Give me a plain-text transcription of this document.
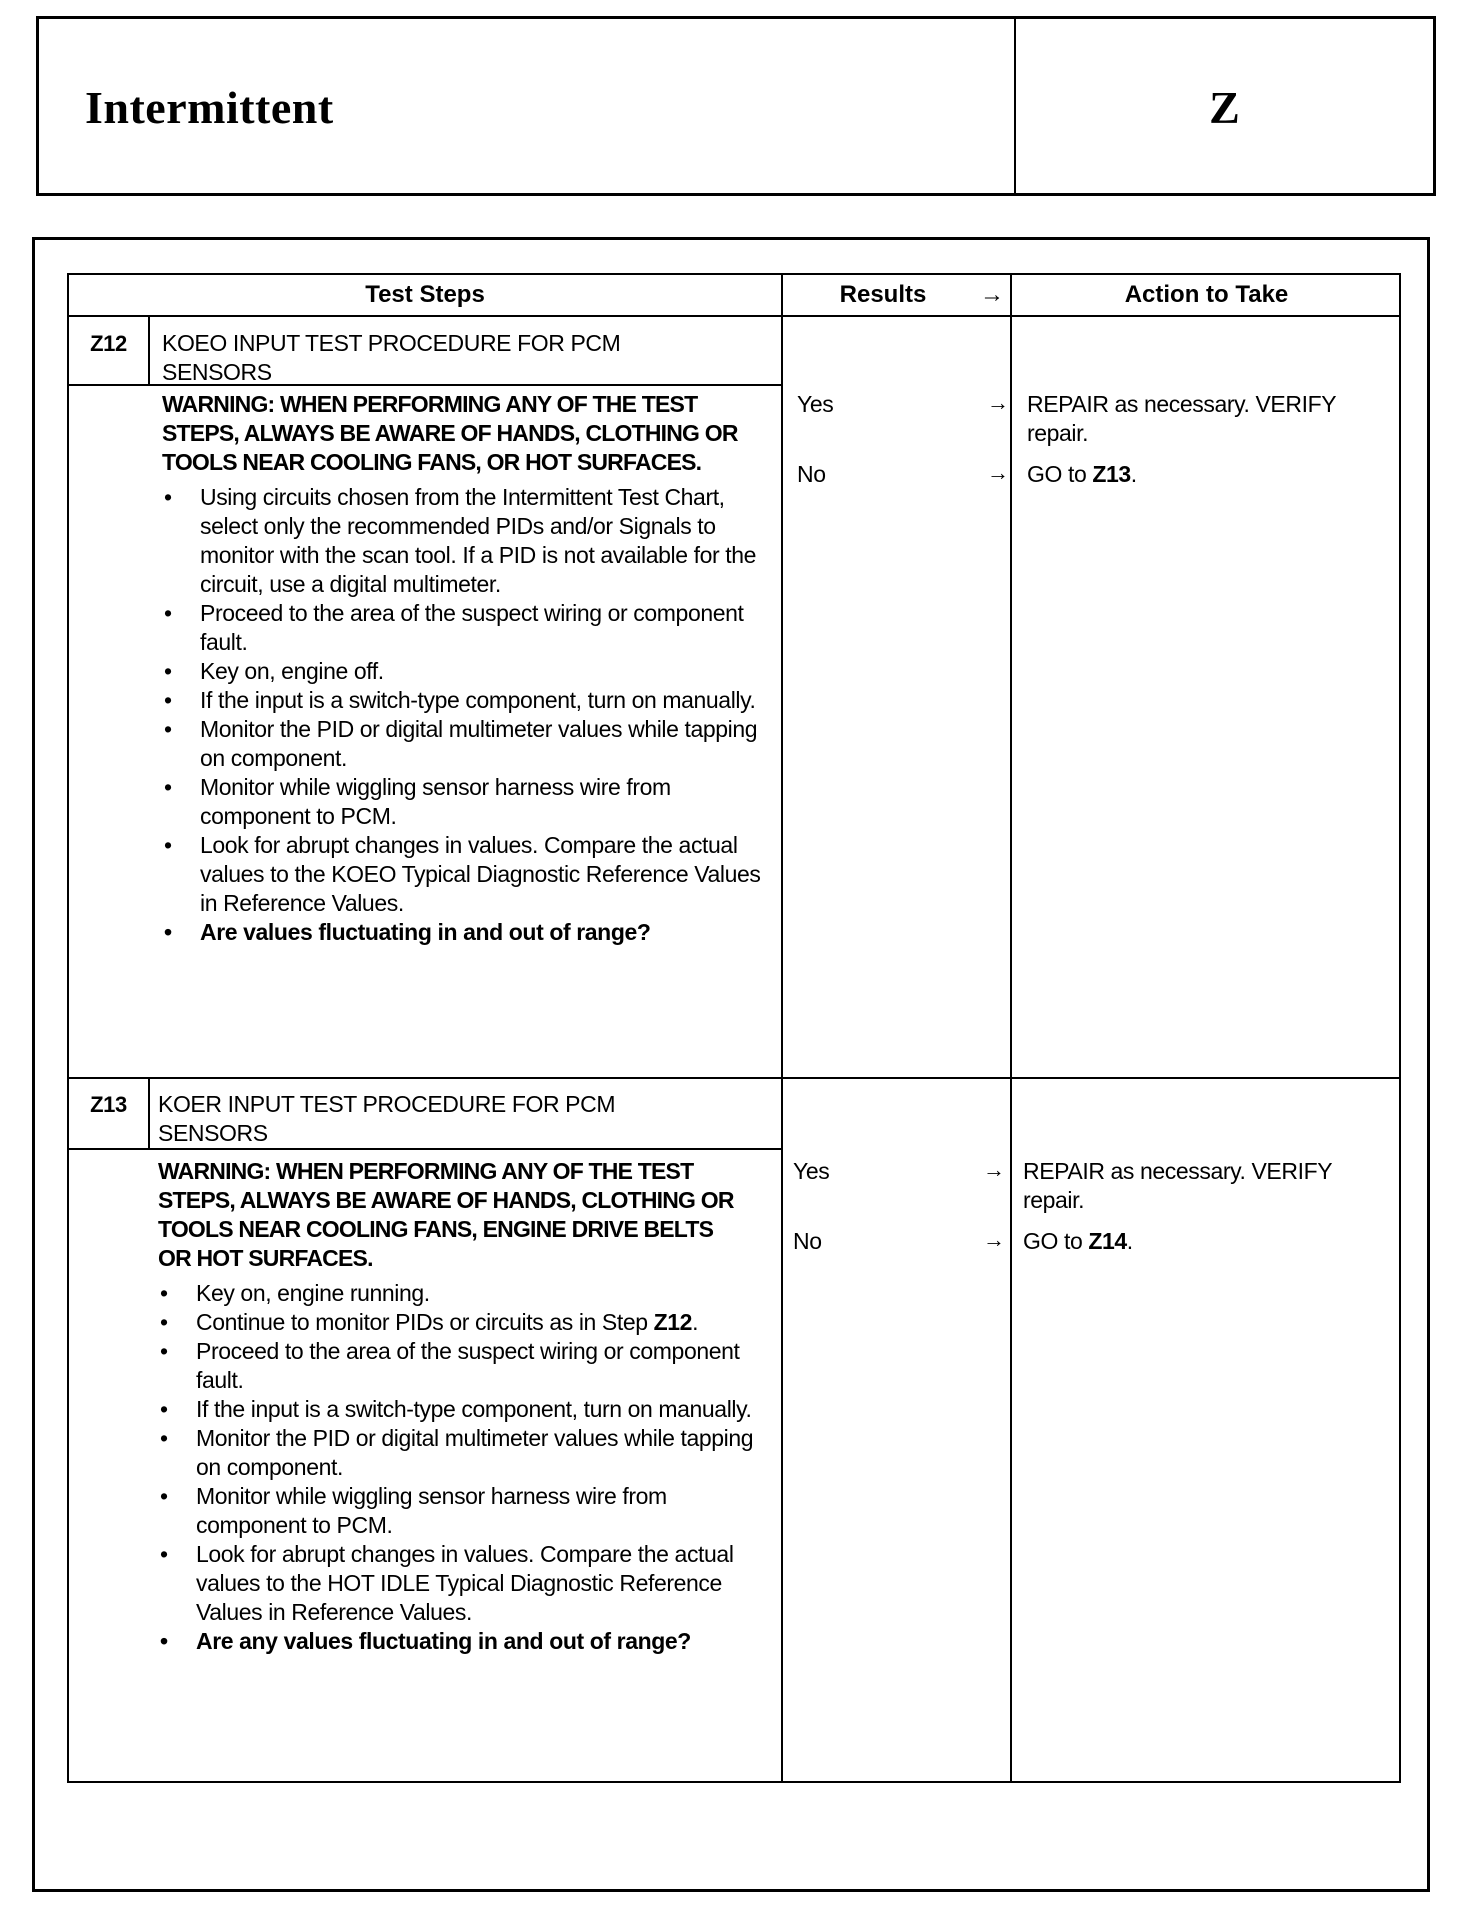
Intermittent	Z
Test Steps	Results	→	Action to Take
Z12	KOEO INPUT TEST PROCEDURE FOR PCM SENSORS
WARNING: WHEN PERFORMING ANY OF THE TEST STEPS, ALWAYS BE AWARE OF HANDS, CLOTHING OR TOOLS NEAR COOLING FANS, OR HOT SURFACES.
• Using circuits chosen from the Intermittent Test Chart, select only the recommended PIDs and/or Signals to monitor with the scan tool. If a PID is not available for the circuit, use a digital multimeter.
• Proceed to the area of the suspect wiring or component fault.
• Key on, engine off.
• If the input is a switch-type component, turn on manually.
• Monitor the PID or digital multimeter values while tapping on component.
• Monitor while wiggling sensor harness wire from component to PCM.
• Look for abrupt changes in values. Compare the actual values to the KOEO Typical Diagnostic Reference Values in Reference Values.
• Are values fluctuating in and out of range?
Yes	→ REPAIR as necessary. VERIFY repair.
No	→ GO to Z13.
Z13	KOER INPUT TEST PROCEDURE FOR PCM SENSORS
WARNING: WHEN PERFORMING ANY OF THE TEST STEPS, ALWAYS BE AWARE OF HANDS, CLOTHING OR TOOLS NEAR COOLING FANS, ENGINE DRIVE BELTS OR HOT SURFACES.
• Key on, engine running.
• Continue to monitor PIDs or circuits as in Step Z12.
• Proceed to the area of the suspect wiring or component fault.
• If the input is a switch-type component, turn on manually.
• Monitor the PID or digital multimeter values while tapping on component.
• Monitor while wiggling sensor harness wire from component to PCM.
• Look for abrupt changes in values. Compare the actual values to the HOT IDLE Typical Diagnostic Reference Values in Reference Values.
• Are any values fluctuating in and out of range?
Yes	→ REPAIR as necessary. VERIFY repair.
No	→ GO to Z14.
